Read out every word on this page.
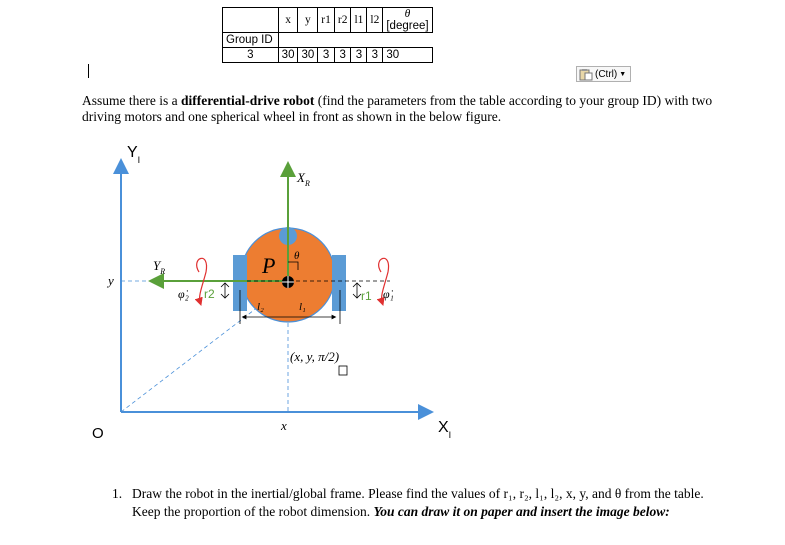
	x	y	r1	r2	l1	l2	θ
[degree]

Group ID							
3	30	30	3	3	3	3	30
(Ctrl) ▼
Assume there is a differential-drive robot (find the parameters from the table according to your group ID) with two driving motors and one spherical wheel in front as shown in the below figure.
$Y_I$
$X_I$
O
y
x
$X_R$
$Y_R$	P θ
r2	r1
l₂	l₁
φ̇₂	φ̇₁
(x, y, π/2)
1. Draw the robot in the inertial/global frame. Please find the values of r₁, r₂, l₁, l₂, x, y, and θ from the table. Keep the proportion of the robot dimension. You can draw it on paper and insert the image below:
